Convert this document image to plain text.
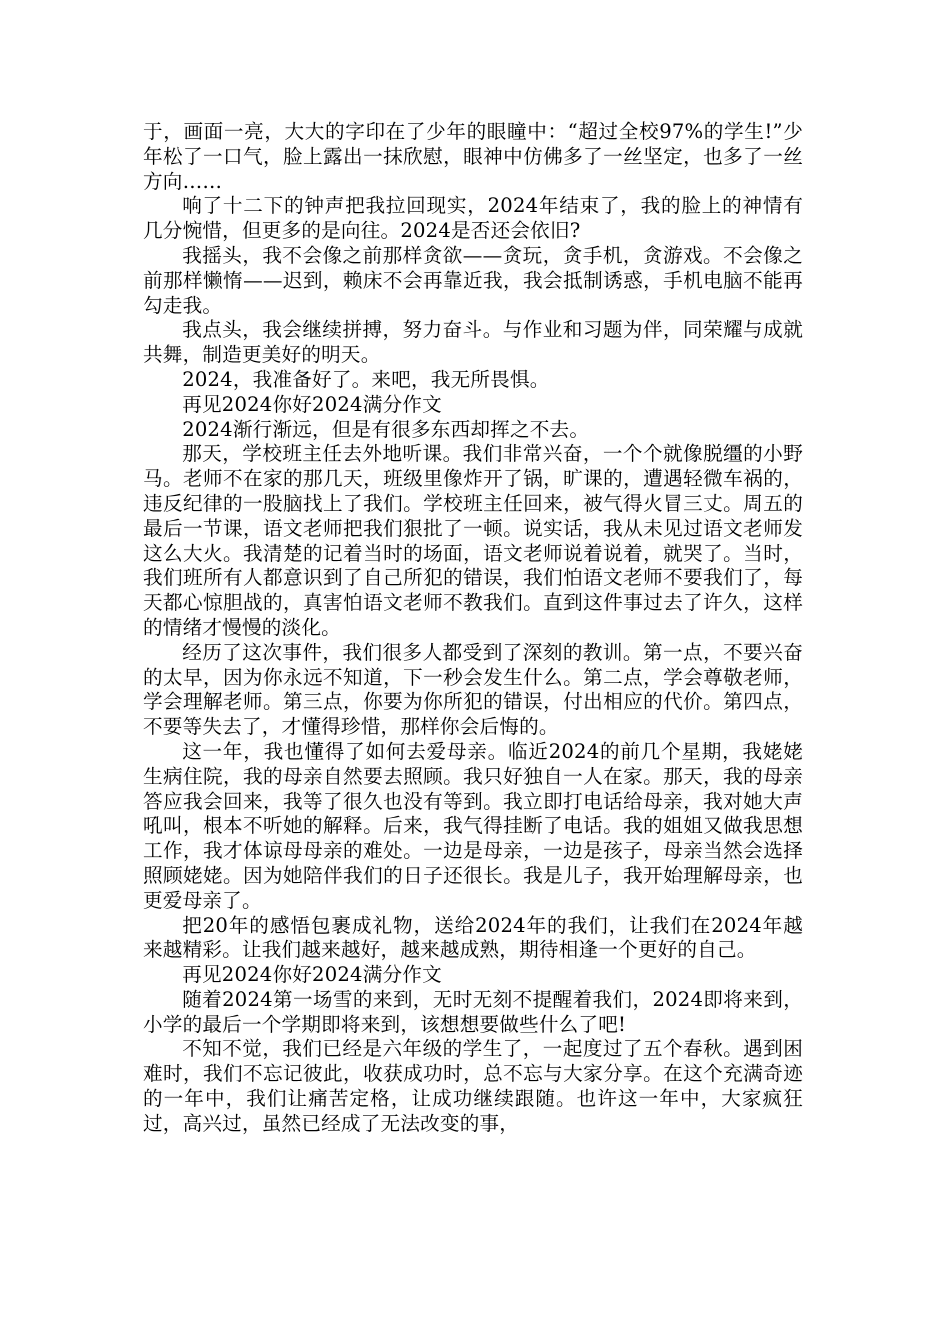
于，画面一亮，大大的字印在了少年的眼瞳中：“超过全校97%的学生!”少年松了一口气，脸上露出一抹欣慰，眼神中仿佛多了一丝坚定，也多了一丝方向……

响了十二下的钟声把我拉回现实，2024年结束了，我的脸上的神情有几分惋惜，但更多的是向往。2024是否还会依旧?

我摇头，我不会像之前那样贪欲——贪玩，贪手机，贪游戏。不会像之前那样懒惰——迟到，赖床不会再靠近我，我会抵制诱惑，手机电脑不能再勾走我。

我点头，我会继续拼搏，努力奋斗。与作业和习题为伴，同荣耀与成就共舞，制造更美好的明天。

2024，我准备好了。来吧，我无所畏惧。

再见2024你好2024满分作文

2024渐行渐远，但是有很多东西却挥之不去。

那天，学校班主任去外地听课。我们非常兴奋，一个个就像脱缰的小野马。老师不在家的那几天，班级里像炸开了锅，旷课的，遭遇轻微车祸的，违反纪律的一股脑找上了我们。学校班主任回来，被气得火冒三丈。周五的最后一节课，语文老师把我们狠批了一顿。说实话，我从未见过语文老师发这么大火。我清楚的记着当时的场面，语文老师说着说着，就哭了。当时，我们班所有人都意识到了自己所犯的错误，我们怕语文老师不要我们了，每天都心惊胆战的，真害怕语文老师不教我们。直到这件事过去了许久，这样的情绪才慢慢的淡化。

经历了这次事件，我们很多人都受到了深刻的教训。第一点，不要兴奋的太早，因为你永远不知道，下一秒会发生什么。第二点，学会尊敬老师，学会理解老师。第三点，你要为你所犯的错误，付出相应的代价。第四点，不要等失去了，才懂得珍惜，那样你会后悔的。

这一年，我也懂得了如何去爱母亲。临近2024的前几个星期，我姥姥生病住院，我的母亲自然要去照顾。我只好独自一人在家。那天，我的母亲答应我会回来，我等了很久也没有等到。我立即打电话给母亲，我对她大声吼叫，根本不听她的解释。后来，我气得挂断了电话。我的姐姐又做我思想工作，我才体谅母母亲的难处。一边是母亲，一边是孩子，母亲当然会选择照顾姥姥。因为她陪伴我们的日子还很长。我是儿子，我开始理解母亲，也更爱母亲了。

把20年的感悟包裹成礼物，送给2024年的我们，让我们在2024年越来越精彩。让我们越来越好，越来越成熟，期待相逢一个更好的自己。

再见2024你好2024满分作文

随着2024第一场雪的来到，无时无刻不提醒着我们，2024即将来到，小学的最后一个学期即将来到，该想想要做些什么了吧!

不知不觉，我们已经是六年级的学生了，一起度过了五个春秋。遇到困难时，我们不忘记彼此，收获成功时，总不忘与大家分享。在这个充满奇迹的一年中，我们让痛苦定格，让成功继续跟随。也许这一年中，大家疯狂过，高兴过，虽然已经成了无法改变的事，
